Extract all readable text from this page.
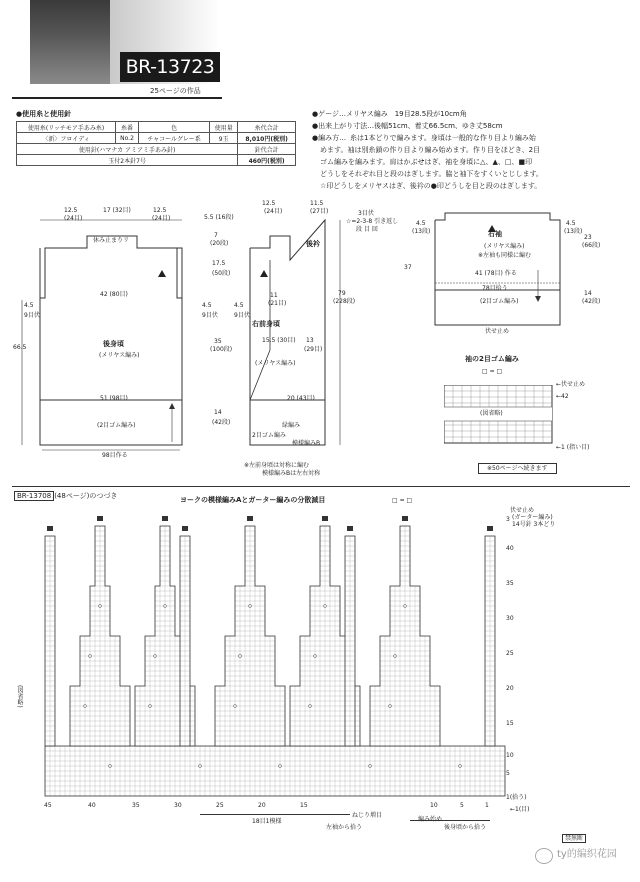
BR-13723
25ページの作品
●使用糸と使用針
使用糸(リッチモア手あみ糸)	糸番	色	使用量	糸代合計
〈新〉フロイディ	No.2	チャコールグレー系	9玉	8,010円(税別)
使用針(ハマナカ アミアミ手あみ針)				針代合計
玉付2本針7号				460円(税別)
●ゲージ…メリヤス編み　19目28.5段が10cm角
●出来上がり寸法…後幅51cm、着丈66.5cm、ゆき丈58cm
●編み方… 糸は1本どりで編みます。身頃は一般的な作り目より編み始
めます。袖は別糸鎖の作り目より編み始めます。作り目をほどき、2目
ゴム編みを編みます。肩はかぶせはぎ、袖を身頃に△、▲、□、■印
どうしをそれぞれ目と段のはぎします。脇と袖下をすくいとじします。
☆印どうしをメリヤスはぎ、後衿の●印どうしを目と段のはぎします。
12.5
(24目)
17 (32目)	12.5
(24目)
休み止まりリ
42 (80目)
後身頃
(メリヤス編み)
51 (98目)
(2目ゴム編み)
98目作る
4.5
9目伏
66.5
5.5 (16段)
7
(20段)
17.5
(50段)
35
(100段)
14
(42段)
4.5
9目伏
12.5
(24目)
11.5
(27目)
後衿
11
(21目)
右前身頃
15.5 (30目) 13
(29目)
(メリヤス編み)
20 (43目)
緑編み
2目ゴム編み
模様編みB
※左前身頃は対称に編む
模様編みBは左右対称
3目伏
☆=2-3-8 引き返し
段 目 回
79
(228段)
4.5
9目伏
右袖
(メリヤス編み)
※左袖も同様に編む
41 (78目) 作る
78目拾う
(2目ゴム編み)
伏せ止め
4.5
(13段)
37
4.5
(13段)
23
(66段)
14
(42段)
袖の2目ゴム編み
□ = □
(図省略)
←伏せ止め
←42
←1 (指い目)
※50ページへ続きます
BR-13708 (48ページ)のつづき	ヨークの模様編みAとガーター編みの分散減目	□ = □
伏せ止め
(ガーター編み)
14号針 3本どり
(図省略)
3
40
35
30
25
20
15
10
5
1(拾う)
45	40	35	30	25	20	15	10	5	1
ねじり増目
←1(目)
18目1模様
左袖から拾う	後身頃から拾う
禁無断
ty的编织花园
